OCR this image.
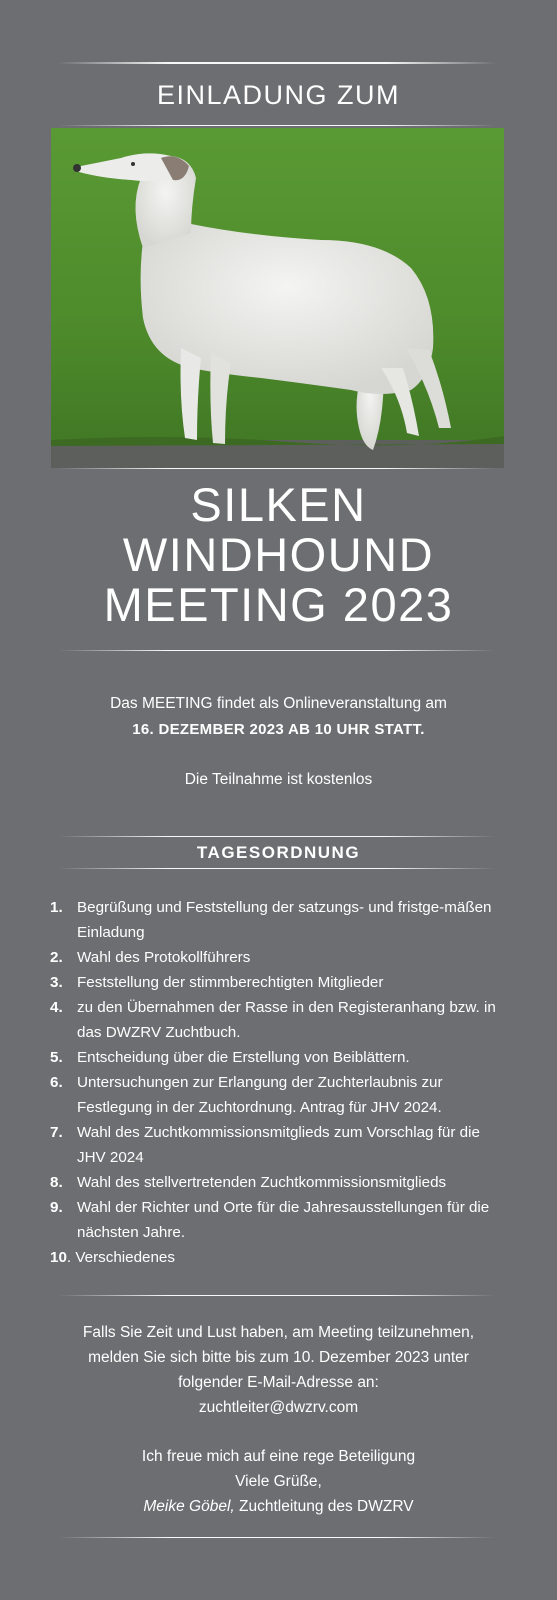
EINLADUNG ZUM
SILKEN
WINDHOUND
MEETING 2023
Das MEETING findet als Onlineveranstaltung am
16. DEZEMBER 2023 AB 10 UHR STATT.
Die Teilnahme ist kostenlos
TAGESORDNUNG
1. Begrüßung und Feststellung der satzungs- und fristge-mäßen Einladung
2. Wahl des Protokollführers
3. Feststellung der stimmberechtigten Mitglieder
4. zu den Übernahmen der Rasse in den Registeranhang bzw. in das DWZRV Zuchtbuch.
5. Entscheidung über die Erstellung von Beiblättern.
6. Untersuchungen zur Erlangung der Zuchterlaubnis zur Festlegung in der Zuchtordnung. Antrag für JHV 2024.
7. Wahl des Zuchtkommissionsmitglieds zum Vorschlag für die JHV 2024
8. Wahl des stellvertretenden Zuchtkommissionsmitglieds
9. Wahl der Richter und Orte für die Jahresausstellungen für die nächsten Jahre.
10 . Verschiedenes

Falls Sie Zeit und Lust haben, am Meeting teilzunehmen,

melden Sie sich bitte bis zum 10. Dezember 2023 unter

folgender E-Mail-Adresse an:

zuchtleiter@dwzrv.com

Ich freue mich auf eine rege Beteiligung

Viele Grüße,

Meike Göbel, Zuchtleitung des DWZRV
